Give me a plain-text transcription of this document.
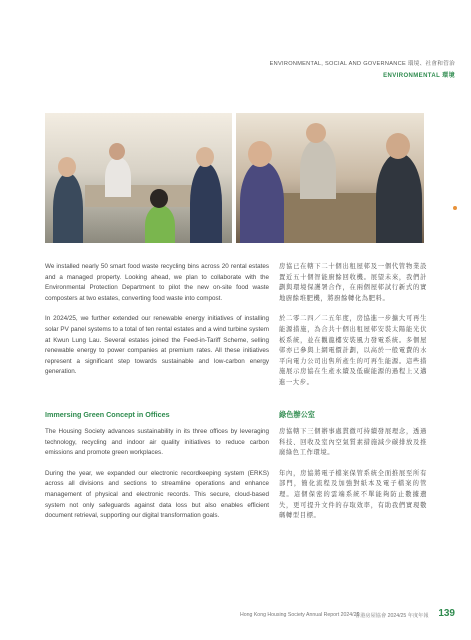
ENVIRONMENTAL, SOCIAL AND GOVERNANCE 環境、社會和管治
ENVIRONMENTAL 環境

We installed nearly 50 smart food waste recycling bins across 20 rental estates and a managed property. Looking ahead, we plan to collaborate with the Environmental Protection Department to pilot the new on-site food waste composters at two estates, converting food waste into compost.

In 2024/25, we further extended our renewable energy initiatives of installing solar PV panel systems to a total of ten rental estates and a wind turbine system at Kwun Lung Lau. Several estates joined the Feed-in-Tariff Scheme, selling renewable energy to power companies at premium rates. All these initiatives represent a significant step towards sustainable and low-carbon energy generation.

Immersing Green Concept in Offices

The Housing Society advances sustainability in its three offices by leveraging technology, recycling and indoor air quality initiatives to reduce carbon emissions and promote green workplaces.

During the year, we expanded our electronic recordkeeping system (ERKS) across all divisions and sections to streamline operations and enhance management of physical and electronic records. This secure, cloud-based system not only safeguards against data loss but also enables efficient document retrieval, supporting our digital transformation goals.

房協已在轄下二十個出租屋邨及一個代管物業設置近五十個智能廚餘回收機。展望未來，我們計劃與環境保護署合作，在兩個屋邨試行新式的實地廚餘堆肥機，將廚餘轉化為肥料。

於二零二四／二五年度，房協進一步擴大可再生能源措施，為合共十個出租屋邨安裝太陽能光伏板系統，並在觀龍樓安裝風力發電系統。多個屋邨亦已參與上網電價計劃，以高於一般電費的水平向電力公司出售所產生的可再生能源。這些措施展示房協在生產永續及低碳能源的過程上又邁進一大步。

綠色辦公室

房協轄下三個辦事處貫徹可持續發展理念，透過科技、回收及室內空氣質素措施減少碳排放及推廣綠色工作環境。

年內，房協將電子檔案保管系統全面推展至所有部門，簡化流程及加強對紙本及電子檔案的管理。這個保密的雲端系統不單能夠防止數據遺失，更可提升文件的存取效率，有助我們實現數碼轉型目標。

Hong Kong Housing Society Annual Report 2024/25
香港房屋協會 2024/25 年度年報 139
